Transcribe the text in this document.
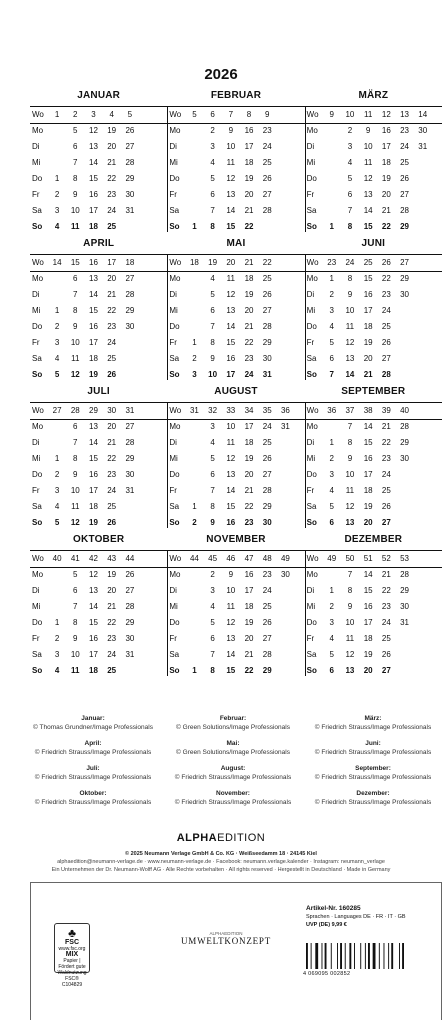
2026
JANUAR
Wo	1	2	3	4	5
Mo	5	12	19	26
Di	6	13	20	27
Mi	7	14	21	28
Do	1	8	15	22	29
Fr	2	9	16	23	30
Sa	3	10	17	24	31
So	4	11	18	25
FEBRUAR
Wo	5	6	7	8	9
Mo	2	9	16	23
Di	3	10	17	24
Mi	4	11	18	25
Do	5	12	19	26
Fr	6	13	20	27
Sa	7	14	21	28
So	1	8	15	22
MÄRZ
Wo	9	10	11	12	13	14
Mo	2	9	16	23	30
Di	3	10	17	24	31
Mi	4	11	18	25
Do	5	12	19	26
Fr	6	13	20	27
Sa	7	14	21	28
So	1	8	15	22	29
APRIL
Wo	14	15	16	17	18
Mo	6	13	20	27
Di	7	14	21	28
Mi	1	8	15	22	29
Do	2	9	16	23	30
Fr	3	10	17	24
Sa	4	11	18	25
So	5	12	19	26
MAI
Wo	18	19	20	21	22
Mo	4	11	18	25
Di	5	12	19	26
Mi	6	13	20	27
Do	7	14	21	28
Fr	1	8	15	22	29
Sa	2	9	16	23	30
So	3	10	17	24	31
JUNI
Wo	23	24	25	26	27
Mo	1	8	15	22	29
Di	2	9	16	23	30
Mi	3	10	17	24
Do	4	11	18	25
Fr	5	12	19	26
Sa	6	13	20	27
So	7	14	21	28
JULI
Wo	27	28	29	30	31
Mo	6	13	20	27
Di	7	14	21	28
Mi	1	8	15	22	29
Do	2	9	16	23	30
Fr	3	10	17	24	31
Sa	4	11	18	25
So	5	12	19	26
AUGUST
Wo	31	32	33	34	35	36
Mo	3	10	17	24	31
Di	4	11	18	25
Mi	5	12	19	26
Do	6	13	20	27
Fr	7	14	21	28
Sa	1	8	15	22	29
So	2	9	16	23	30
SEPTEMBER
Wo	36	37	38	39	40
Mo	7	14	21	28
Di	1	8	15	22	29
Mi	2	9	16	23	30
Do	3	10	17	24
Fr	4	11	18	25
Sa	5	12	19	26
So	6	13	20	27
OKTOBER
Wo	40	41	42	43	44
Mo	5	12	19	26
Di	6	13	20	27
Mi	7	14	21	28
Do	1	8	15	22	29
Fr	2	9	16	23	30
Sa	3	10	17	24	31
So	4	11	18	25
NOVEMBER
Wo	44	45	46	47	48	49
Mo	2	9	16	23	30
Di	3	10	17	24
Mi	4	11	18	25
Do	5	12	19	26
Fr	6	13	20	27
Sa	7	14	21	28
So	1	8	15	22	29
DEZEMBER
Wo	49	50	51	52	53
Mo	7	14	21	28
Di	1	8	15	22	29
Mi	2	9	16	23	30
Do	3	10	17	24	31
Fr	4	11	18	25
Sa	5	12	19	26
So	6	13	20	27
Januar:
© Thomas Grundner/Image Professionals
Februar:
© Green Solutions/Image Professionals
März:
© Friedrich Strauss/Image Professionals
April:
© Friedrich Strauss/Image Professionals
Mai:
© Green Solutions/Image Professionals
Juni:
© Friedrich Strauss/Image Professionals
Juli:
© Friedrich Strauss/Image Professionals
August:
© Friedrich Strauss/Image Professionals
September:
© Friedrich Strauss/Image Professionals
Oktober:
© Friedrich Strauss/Image Professionals
November:
© Friedrich Strauss/Image Professionals
Dezember:
© Friedrich Strauss/Image Professionals
ALPHAEDITION
© 2025 Neumann Verlage GmbH & Co. KG · Weißseedamm 18 · 24145 Kiel
alphaedition@neumann-verlage.de · www.neumann-verlage.de · Facebook: neumann.verlage.kalender · Instagram: neumann_verlage
Ein Unternehmen der Dr. Neumann-Wolff AG · Alle Rechte vorbehalten · All rights reserved · Hergestellt in Deutschland · Made in Germany
♣
FSC
www.fsc.org
MIX
Papier | Fördert gute Waldnutzung
FSC® C104829
ALPHAEDITION
UMWELTKONZEPT
Artikel-Nr. 160285
Sprachen · Languages DE · FR · IT · GB
UVP (DE) 9,99 €
4 069095 002852
